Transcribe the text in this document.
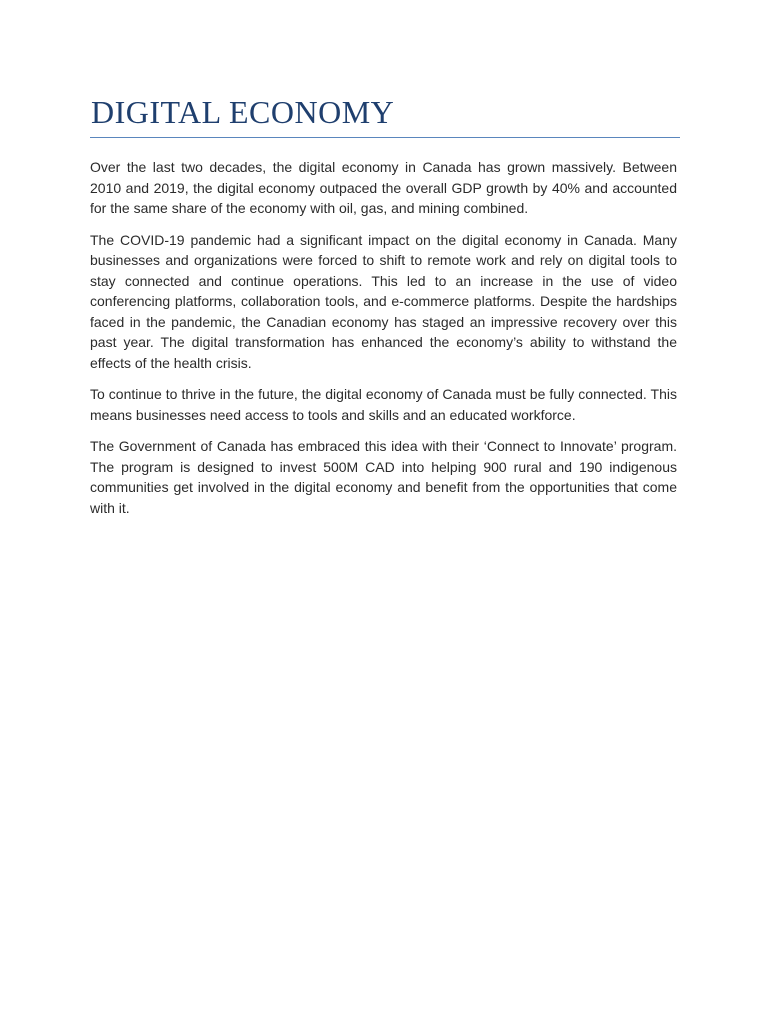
DIGITAL ECONOMY

Over the last two decades, the digital economy in Canada has grown massively. Between 2010 and 2019, the digital economy outpaced the overall GDP growth by 40% and accounted for the same share of the economy with oil, gas, and mining combined.

The COVID-19 pandemic had a significant impact on the digital economy in Canada. Many businesses and organizations were forced to shift to remote work and rely on digital tools to stay connected and continue operations. This led to an increase in the use of video conferencing platforms, collaboration tools, and e-commerce platforms. Despite the hardships faced in the pandemic, the Canadian economy has staged an impressive recovery over this past year. The digital transformation has enhanced the economy’s ability to withstand the effects of the health crisis.

To continue to thrive in the future, the digital economy of Canada must be fully connected. This means businesses need access to tools and skills and an educated workforce.

The Government of Canada has embraced this idea with their ‘Connect to Innovate’ program. The program is designed to invest 500M CAD into helping 900 rural and 190 indigenous communities get involved in the digital economy and benefit from the opportunities that come with it.
